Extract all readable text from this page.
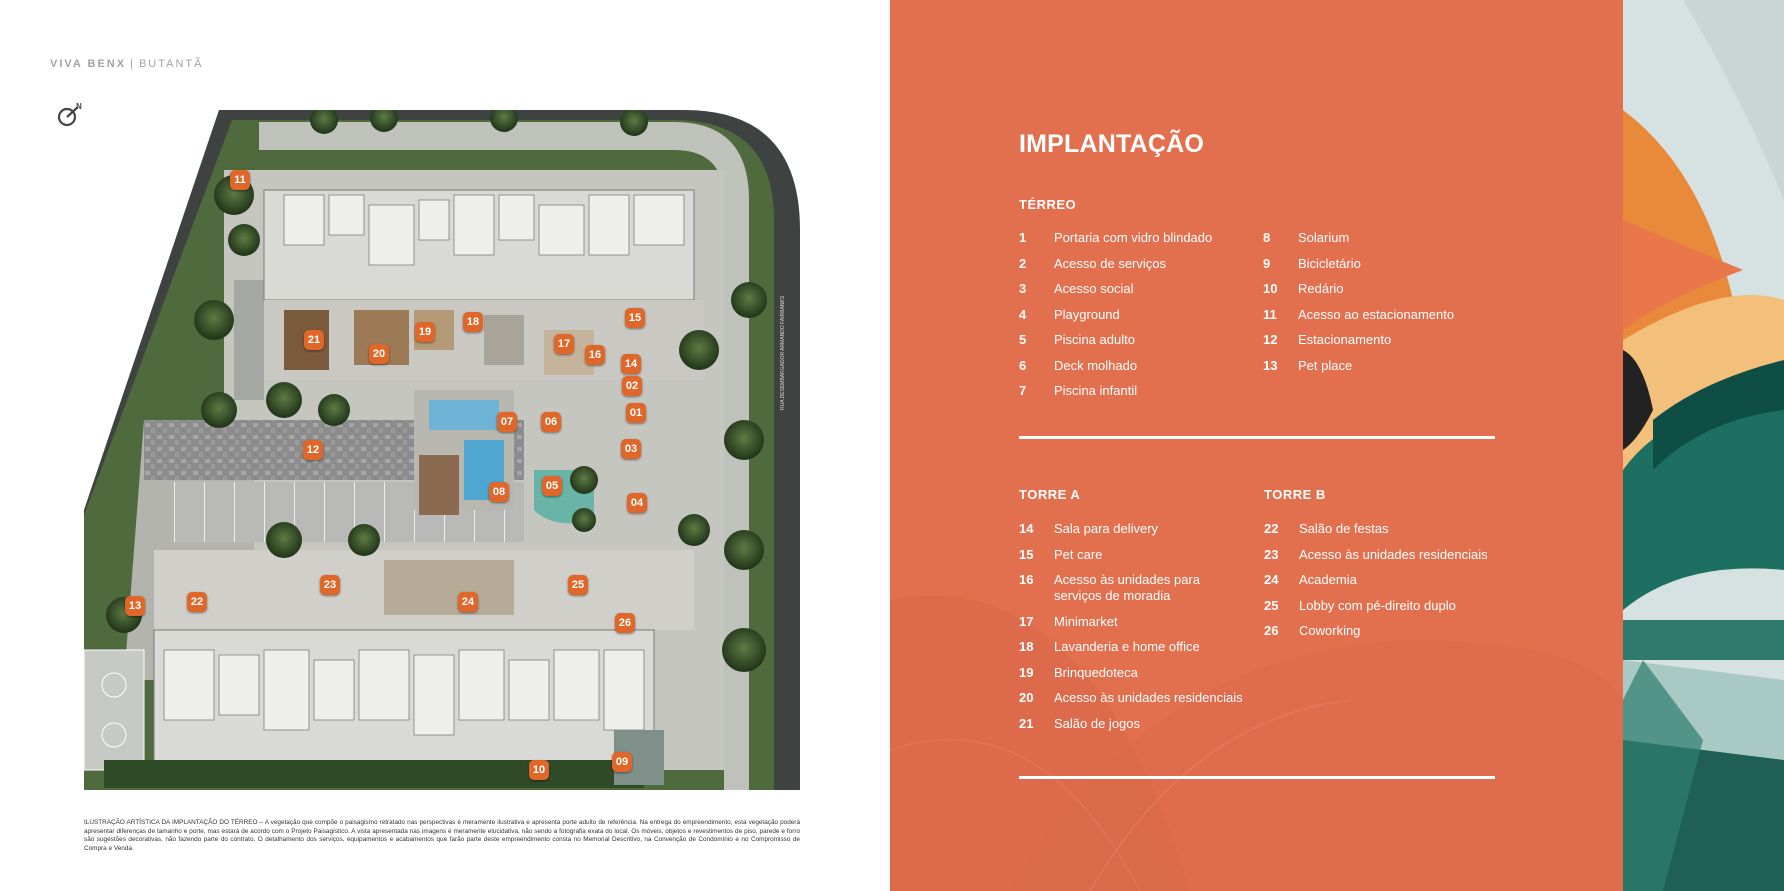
VIVA BENX | BUTANTÃ
N
RUA DESEMBARGADOR ARMANDO FAIRBANKS
11
21
19
18	15
20
17
16
14
02
01
07	06
03
12
08	05
04
23
24
25
22
13
26
10
09

ILUSTRAÇÃO ARTÍSTICA DA IMPLANTAÇÃO DO TÉRREO – A vegetação que compõe o paisagismo retratado nas perspectivas é meramente ilustrativa e apresenta porte adulto de referência. Na entrega do empreendimento, esta vegetação poderá apresentar diferenças de tamanho e porte, mas estará de acordo com o Projeto Paisagístico. A vista apresentada nas imagens é meramente elucidativa, não sendo a fotografia exata do local. Os móveis, objetos e revestimentos de piso, parede e forro são sugestões decorativas, não fazendo parte do contrato. O detalhamento dos serviços, equipamentos e acabamentos que farão parte deste empreendimento consta no Memorial Descritivo, na Convenção de Condomínio e no Compromisso de Compra e Venda.

IMPLANTAÇÃO
TÉRREO
1	Portaria com vidro blindado
2	Acesso de serviços
3	Acesso social
4	Playground
5	Piscina adulto
6	Deck molhado
7	Piscina infantil
8	Solarium
9	Bicicletário
10	Redário
11	Acesso ao estacionamento
12	Estacionamento
13	Pet place
TORRE A
14	Sala para delivery
15	Pet care
16	Acesso às unidades para serviços de moradia
17	Minimarket
18	Lavanderia e home office
19	Brinquedoteca
20	Acesso às unidades residenciais
21	Salão de jogos
TORRE B
22	Salão de festas
23	Acesso às unidades residenciais
24	Academia
25	Lobby com pé-direito duplo
26	Coworking
